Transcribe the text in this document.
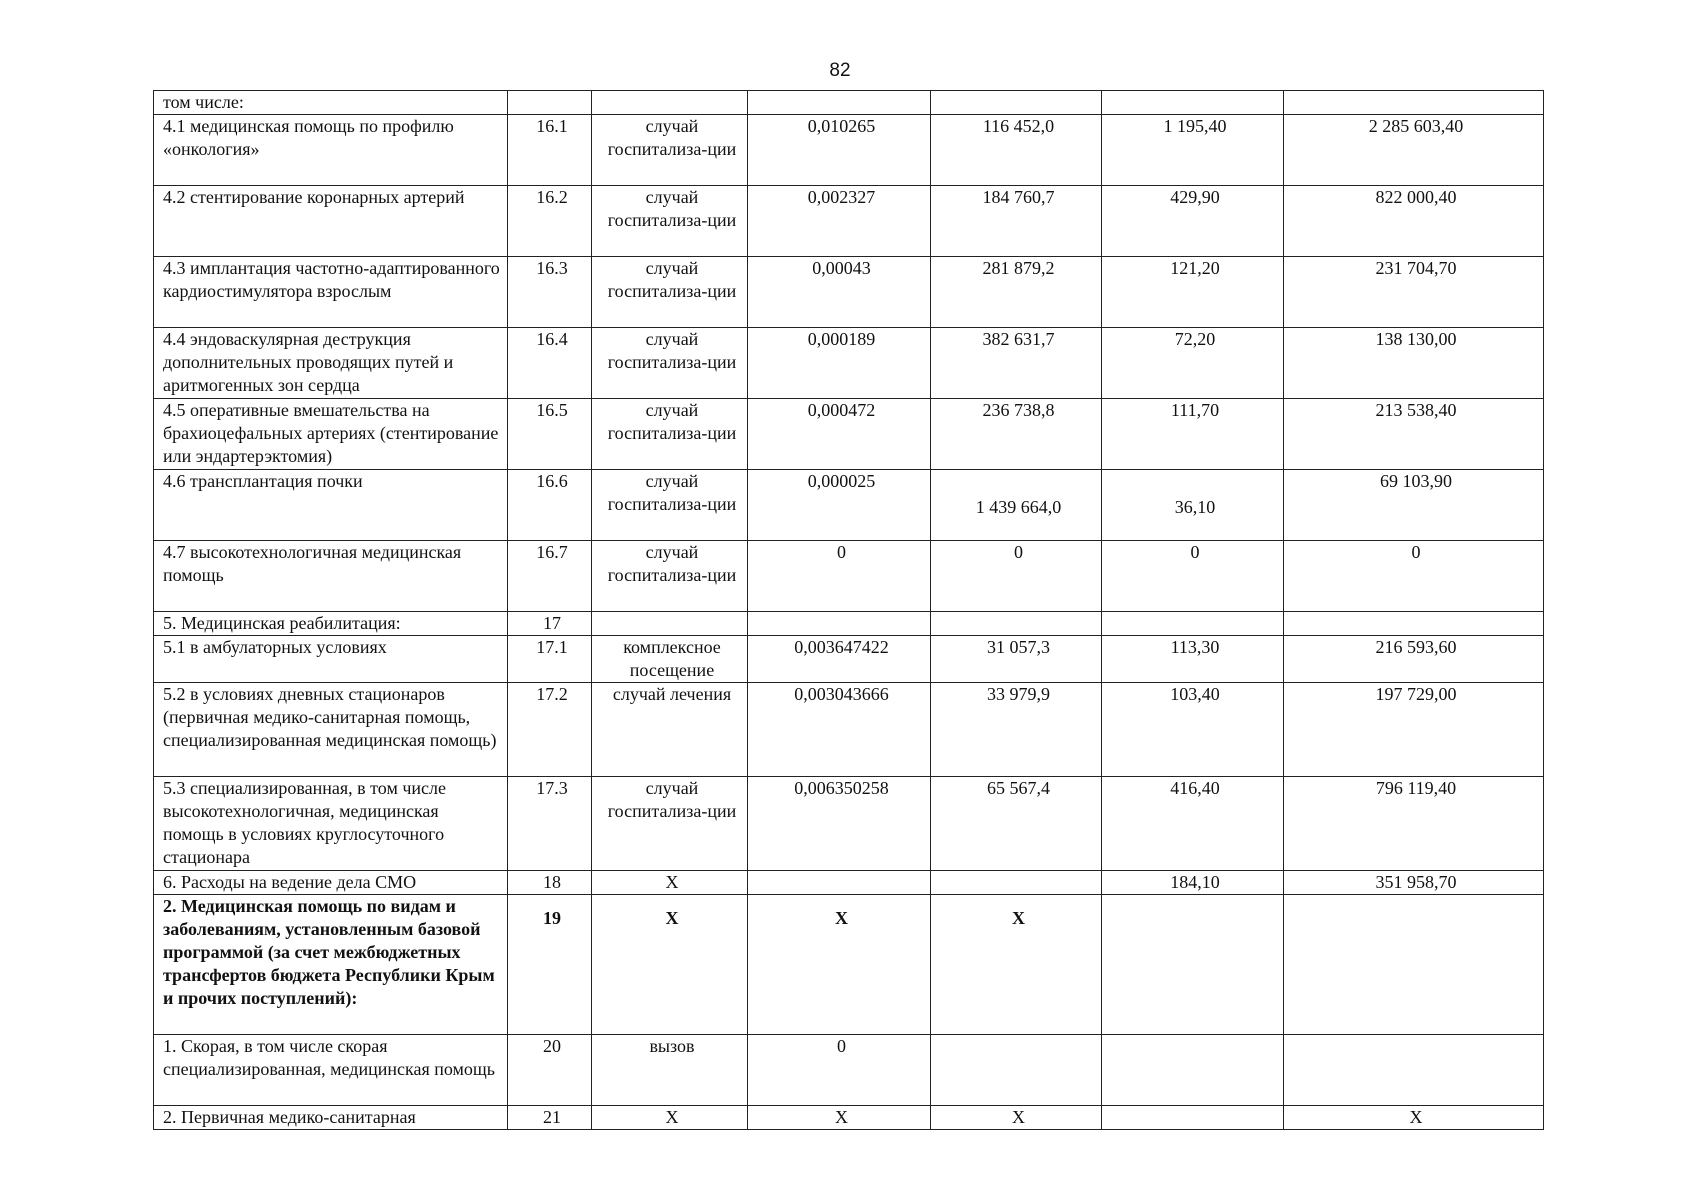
82
том числе:						
4.1 медицинская помощь по профилю «онкология»	16.1	случай госпитализа-ции	0,010265	116 452,0	1 195,40	2 285 603,40
4.2 стентирование коронарных артерий	16.2	случай госпитализа-ции	0,002327	184 760,7	429,90	822 000,40
4.3 имплантация частотно-адаптированного кардиостимулятора взрослым	16.3	случай госпитализа-ции	0,00043	281 879,2	121,20	231 704,70
4.4 эндоваскулярная деструкция дополнительных проводящих путей и аритмогенных зон сердца	16.4	случай госпитализа-ции	0,000189	382 631,7	72,20	138 130,00
4.5 оперативные вмешательства на брахиоцефальных артериях (стентирование или эндартерэктомия)	16.5	случай госпитализа-ции	0,000472	236 738,8	111,70	213 538,40
4.6 трансплантация почки	16.6	случай госпитализа-ции	0,000025	1 439 664,0	36,10	69 103,90
4.7 высокотехнологичная медицинская помощь	16.7	случай госпитализа-ции	0	0	0	0
5. Медицинская реабилитация:	17					
5.1 в амбулаторных условиях	17.1	комплексное посещение	0,003647422	31 057,3	113,30	216 593,60
5.2 в условиях дневных стационаров (первичная медико-санитарная помощь, специализированная медицинская помощь)	17.2	случай лечения	0,003043666	33 979,9	103,40	197 729,00
5.3 специализированная, в том числе высокотехнологичная, медицинская помощь в условиях круглосуточного стационара	17.3	случай госпитализа-ции	0,006350258	65 567,4	416,40	796 119,40
6. Расходы на ведение дела СМО	18	Х			184,10	351 958,70
2. Медицинская помощь по видам и заболеваниям, установленным базовой программой (за счет межбюджетных трансфертов бюджета Республики Крым и прочих поступлений):	19	Х	Х	Х		
1. Скорая, в том числе скорая специализированная, медицинская помощь	20	вызов	0			
2. Первичная медико-санитарная	21	Х	Х	Х		Х
